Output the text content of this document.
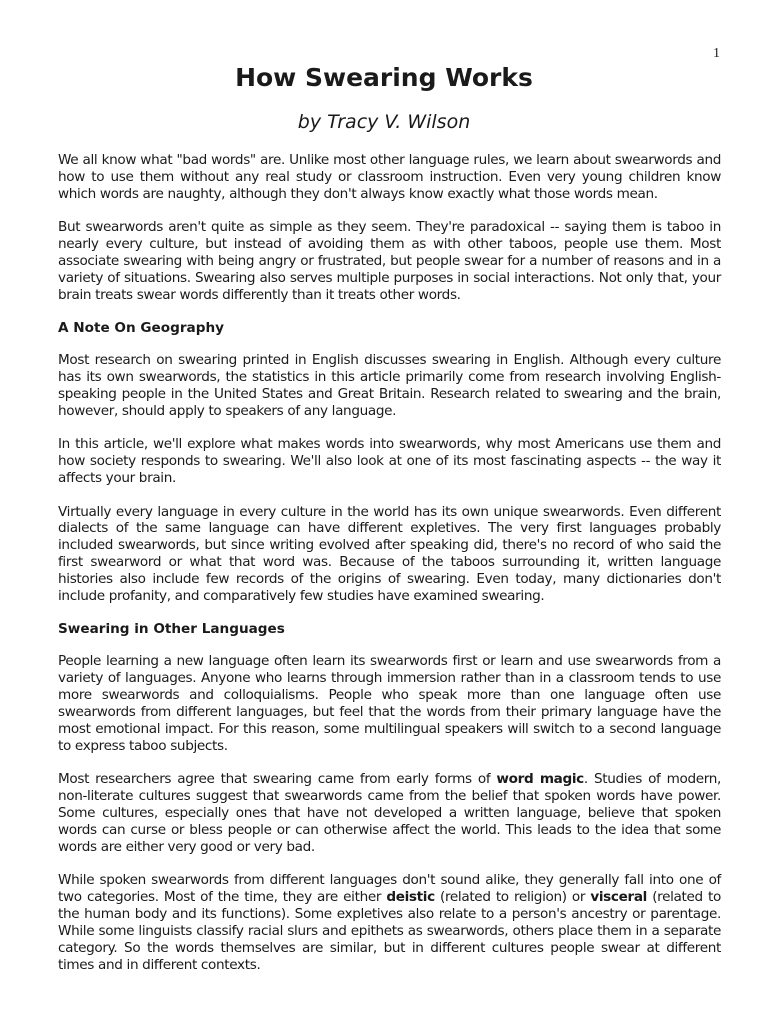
1
How Swearing Works
by Tracy V. Wilson

We all know what "bad words" are. Unlike most other language rules, we learn about swearwords and how to use them without any real study or classroom instruction. Even very young children know which words are naughty, although they don't always know exactly what those words mean.

But swearwords aren't quite as simple as they seem. They're paradoxical -- saying them is taboo in nearly every culture, but instead of avoiding them as with other taboos, people use them. Most associate swearing with being angry or frustrated, but people swear for a number of reasons and in a variety of situations. Swearing also serves multiple purposes in social interactions. Not only that, your brain treats swear words differently than it treats other words.

A Note On Geography

Most research on swearing printed in English discusses swearing in English. Although every culture has its own swearwords, the statistics in this article primarily come from research involving English-speaking people in the United States and Great Britain. Research related to swearing and the brain, however, should apply to speakers of any language.

In this article, we'll explore what makes words into swearwords, why most Americans use them and how society responds to swearing. We'll also look at one of its most fascinating aspects -- the way it affects your brain.

Virtually every language in every culture in the world has its own unique swearwords. Even different dialects of the same language can have different expletives. The very first languages probably included swearwords, but since writing evolved after speaking did, there's no record of who said the first swearword or what that word was. Because of the taboos surrounding it, written language histories also include few records of the origins of swearing. Even today, many dictionaries don't include profanity, and comparatively few studies have examined swearing.

Swearing in Other Languages

People learning a new language often learn its swearwords first or learn and use swearwords from a variety of languages. Anyone who learns through immersion rather than in a classroom tends to use more swearwords and colloquialisms. People who speak more than one language often use swearwords from different languages, but feel that the words from their primary language have the most emotional impact. For this reason, some multilingual speakers will switch to a second language to express taboo subjects.

Most researchers agree that swearing came from early forms of word magic. Studies of modern, non-literate cultures suggest that swearwords came from the belief that spoken words have power. Some cultures, especially ones that have not developed a written language, believe that spoken words can curse or bless people or can otherwise affect the world. This leads to the idea that some words are either very good or very bad.

While spoken swearwords from different languages don't sound alike, they generally fall into one of two categories. Most of the time, they are either deistic (related to religion) or visceral (related to the human body and its functions). Some expletives also relate to a person's ancestry or parentage. While some linguists classify racial slurs and epithets as swearwords, others place them in a separate category. So the words themselves are similar, but in different cultures people swear at different times and in different contexts.
